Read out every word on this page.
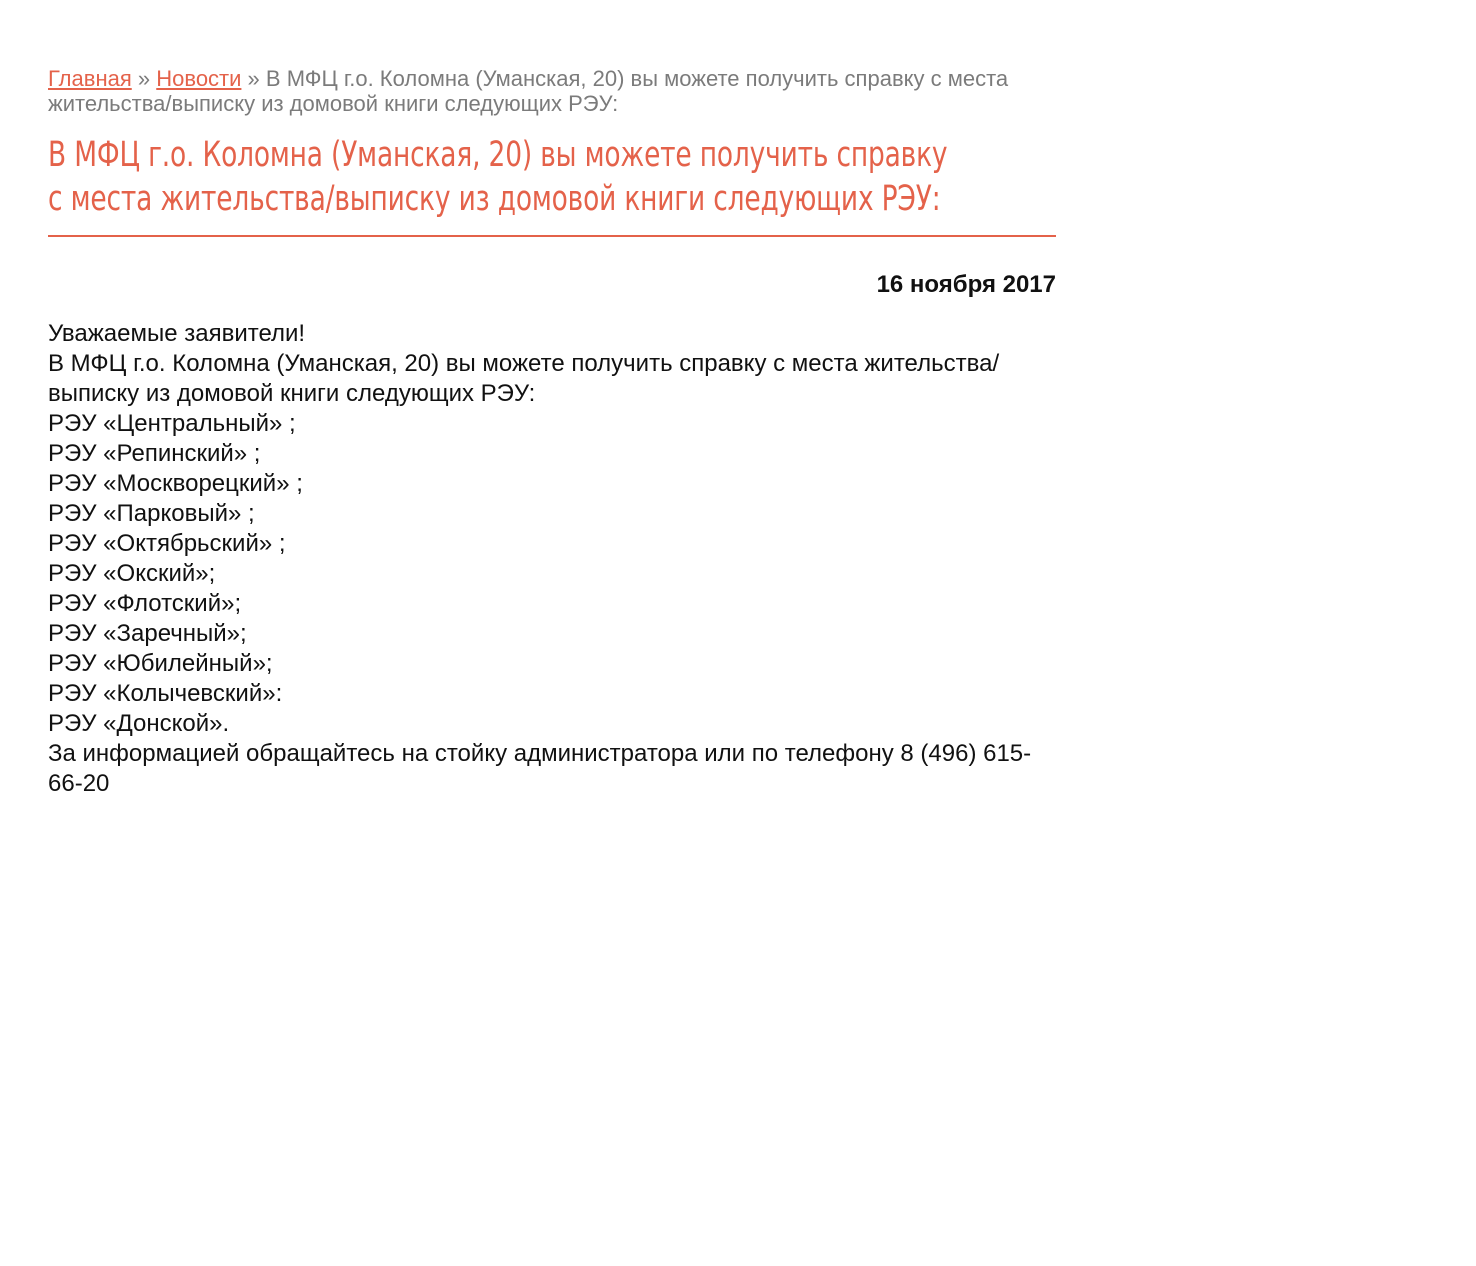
Главная » Новости » В МФЦ г.о. Коломна (Уманская, 20) вы можете получить справку с места жительства/выписку из домовой книги следующих РЭУ:

В МФЦ г.о. Коломна (Уманская, 20) вы можете получить справку
с места жительства/выписку из домовой книги следующих РЭУ:
16 ноября 2017

Уважаемые заявители!

В МФЦ г.о. Коломна (Уманская, 20) вы можете получить справку с места жительства/выписку из домовой книги следующих РЭУ:

РЭУ «Центральный» ;

РЭУ «Репинский» ;

РЭУ «Москворецкий» ;

РЭУ «Парковый» ;

РЭУ «Октябрьский» ;

РЭУ «Окский»;

РЭУ «Флотский»;

РЭУ «Заречный»;

РЭУ «Юбилейный»;

РЭУ «Колычевский»:

РЭУ «Донской».

За информацией обращайтесь на стойку администратора или по телефону 8 (496) 615-66-20
